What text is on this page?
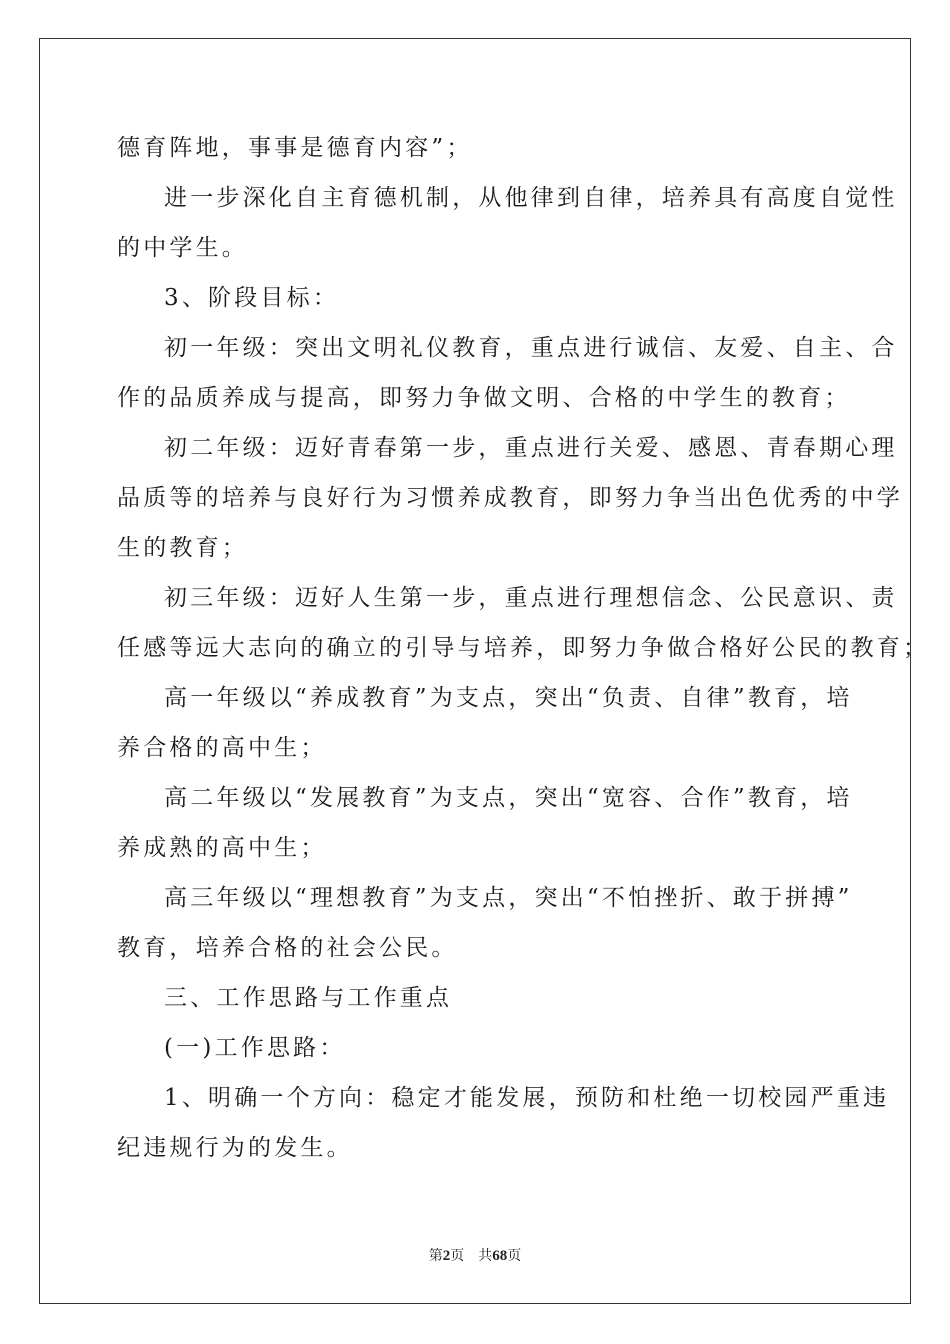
德育阵地，事事是德育内容”；
进一步深化自主育德机制，从他律到自律，培养具有高度自觉性
的中学生。
3、阶段目标：
初一年级：突出文明礼仪教育，重点进行诚信、友爱、自主、合
作的品质养成与提高，即努力争做文明、合格的中学生的教育；
初二年级：迈好青春第一步，重点进行关爱、感恩、青春期心理
品质等的培养与良好行为习惯养成教育，即努力争当出色优秀的中学
生的教育；
初三年级：迈好人生第一步，重点进行理想信念、公民意识、责
任感等远大志向的确立的引导与培养，即努力争做合格好公民的教育；
高一年级以“养成教育”为支点，突出“负责、自律”教育，培
养合格的高中生；
高二年级以“发展教育”为支点，突出“宽容、合作”教育，培
养成熟的高中生；
高三年级以“理想教育”为支点，突出“不怕挫折、敢于拼搏”
教育，培养合格的社会公民。
三、工作思路与工作重点
(一)工作思路：
1、明确一个方向：稳定才能发展，预防和杜绝一切校园严重违
纪违规行为的发生。
第2页 共68页
